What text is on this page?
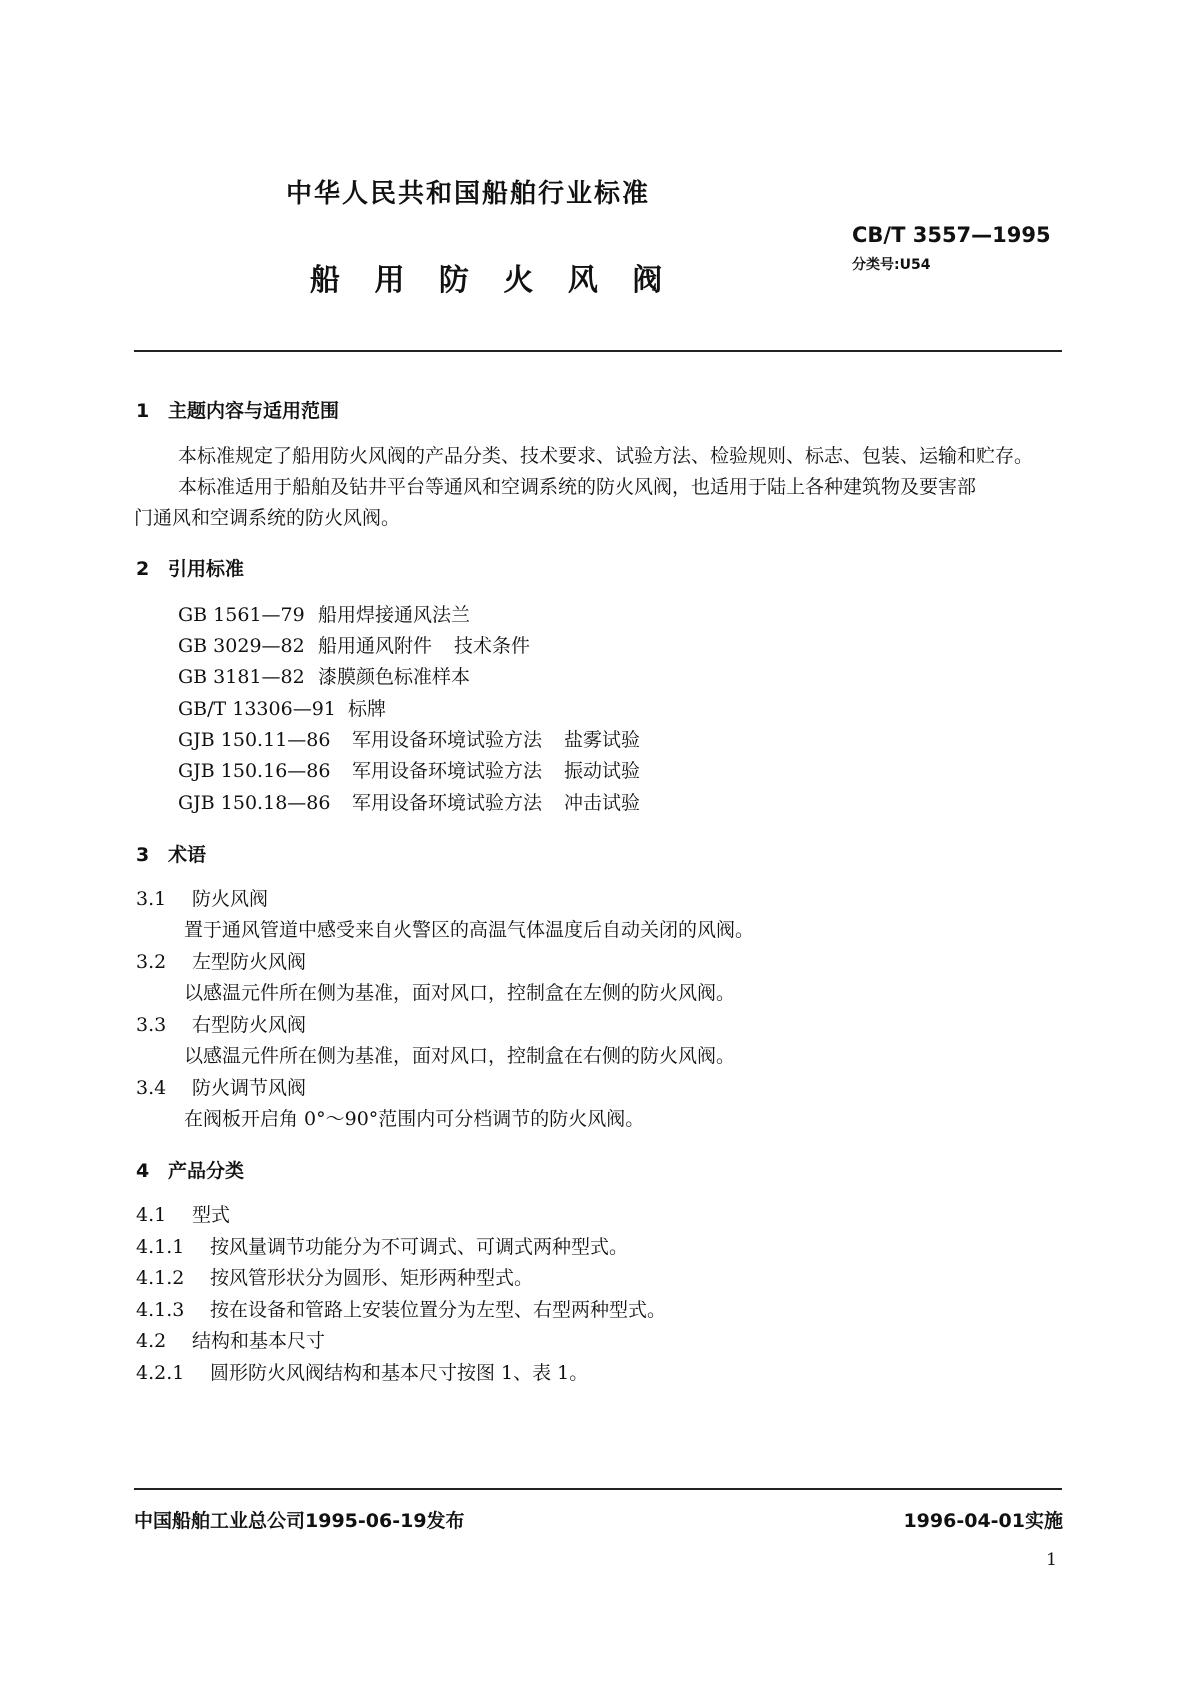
中华人民共和国船舶行业标准
CB/T 3557—1995
分类号:U54
船 用 防 火 风 阀
1 主题内容与适用范围
本标准规定了船用防火风阀的产品分类、技术要求、试验方法、检验规则、标志、包装、运输和贮存。
本标准适用于船舶及钻井平台等通风和空调系统的防火风阀，也适用于陆上各种建筑物及要害部
门通风和空调系统的防火风阀。
2 引用标准
GB 1561—79 船用焊接通风法兰
GB 3029—82 船用通风附件 技术条件
GB 3181—82 漆膜颜色标准样本
GB/T 13306—91 标牌
GJB 150.11—86 军用设备环境试验方法 盐雾试验
GJB 150.16—86 军用设备环境试验方法 振动试验
GJB 150.18—86 军用设备环境试验方法 冲击试验
3 术语
3.1 防火风阀
置于通风管道中感受来自火警区的高温气体温度后自动关闭的风阀。
3.2 左型防火风阀
以感温元件所在侧为基准，面对风口，控制盒在左侧的防火风阀。
3.3 右型防火风阀
以感温元件所在侧为基准，面对风口，控制盒在右侧的防火风阀。
3.4 防火调节风阀
在阀板开启角 0°～90°范围内可分档调节的防火风阀。
4 产品分类
4.1 型式
4.1.1 按风量调节功能分为不可调式、可调式两种型式。
4.1.2 按风管形状分为圆形、矩形两种型式。
4.1.3 按在设备和管路上安装位置分为左型、右型两种型式。
4.2 结构和基本尺寸
4.2.1 圆形防火风阀结构和基本尺寸按图 1、表 1。
中国船舶工业总公司1995-06-19发布	1996-04-01实施
1
